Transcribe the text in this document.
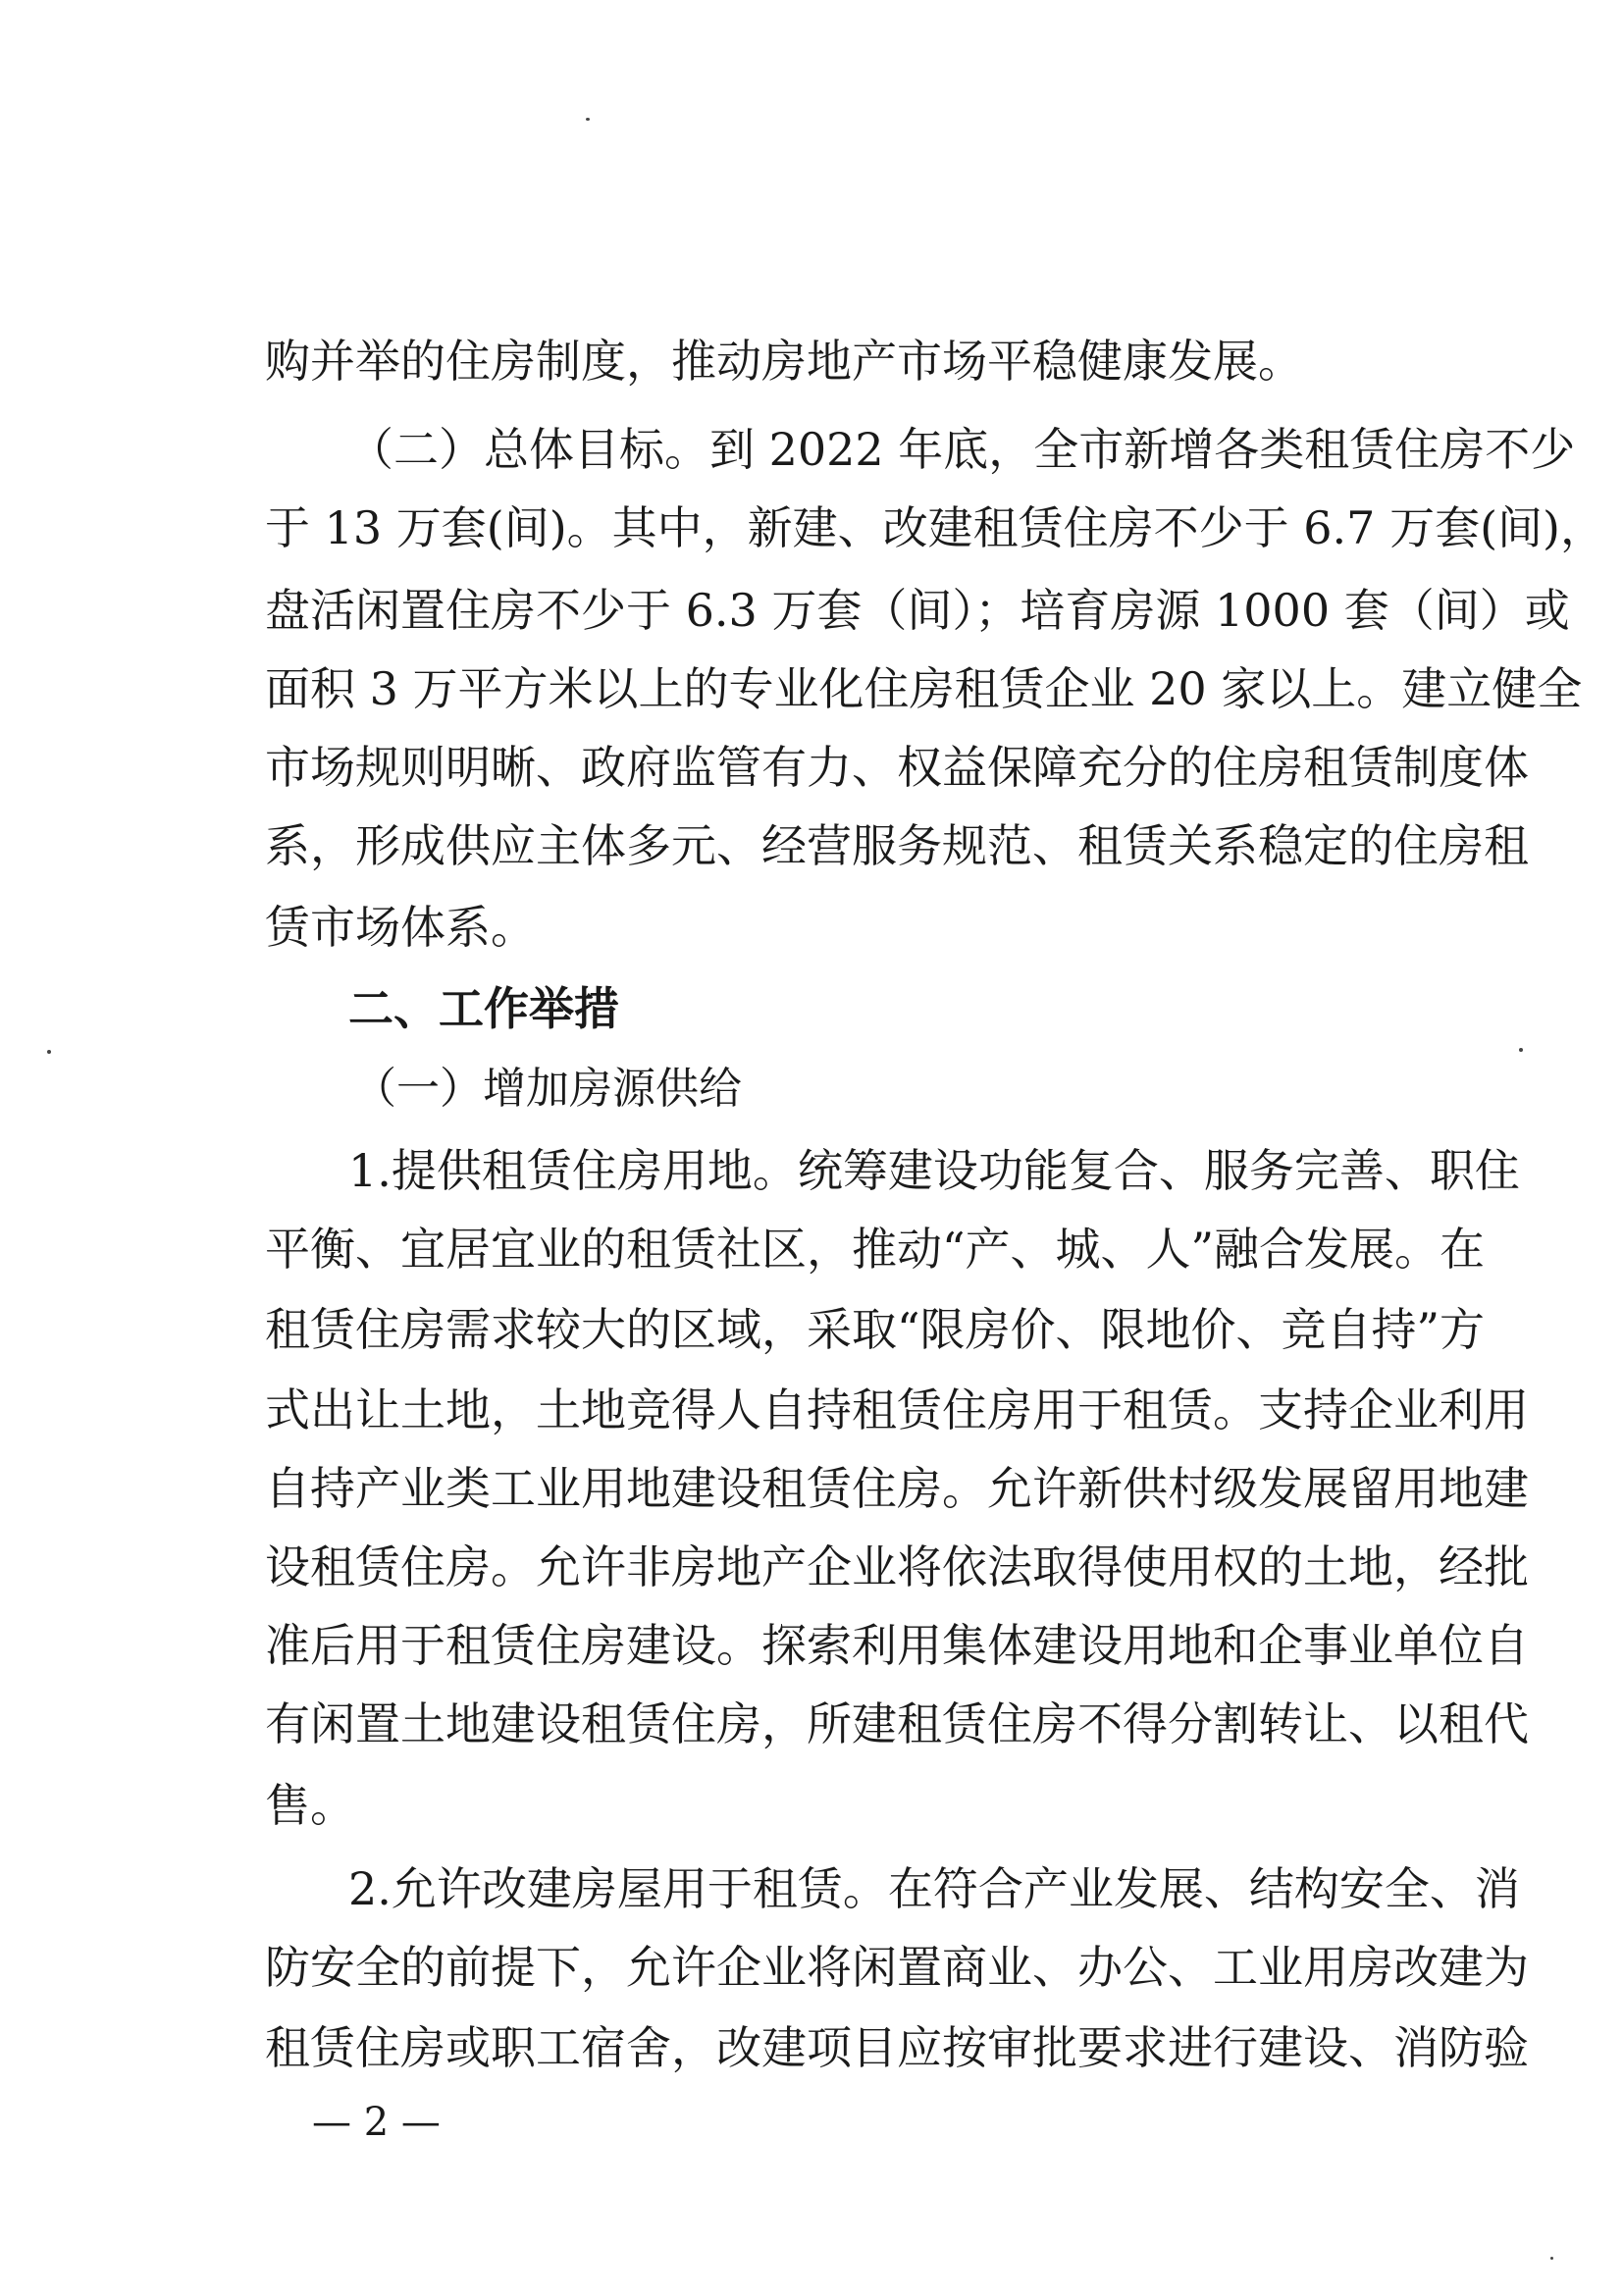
购并举的住房制度，推动房地产市场平稳健康发展。
（二）总体目标。到 2022 年底，全市新增各类租赁住房不少
于 13 万套(间)。其中，新建、改建租赁住房不少于 6.7 万套(间)，
盘活闲置住房不少于 6.3 万套（间）；培育房源 1000 套（间）或
面积 3 万平方米以上的专业化住房租赁企业 20 家以上。建立健全
市场规则明晰、政府监管有力、权益保障充分的住房租赁制度体
系，形成供应主体多元、经营服务规范、租赁关系稳定的住房租
赁市场体系。
二、工作举措
（一）增加房源供给
1.提供租赁住房用地。统筹建设功能复合、服务完善、职住
平衡、宜居宜业的租赁社区，推动“产、城、人”融合发展。在
租赁住房需求较大的区域，采取“限房价、限地价、竞自持”方
式出让土地，土地竞得人自持租赁住房用于租赁。支持企业利用
自持产业类工业用地建设租赁住房。允许新供村级发展留用地建
设租赁住房。允许非房地产企业将依法取得使用权的土地，经批
准后用于租赁住房建设。探索利用集体建设用地和企事业单位自
有闲置土地建设租赁住房，所建租赁住房不得分割转让、以租代
售。
2.允许改建房屋用于租赁。在符合产业发展、结构安全、消
防安全的前提下，允许企业将闲置商业、办公、工业用房改建为
租赁住房或职工宿舍，改建项目应按审批要求进行建设、消防验
— 2 —
